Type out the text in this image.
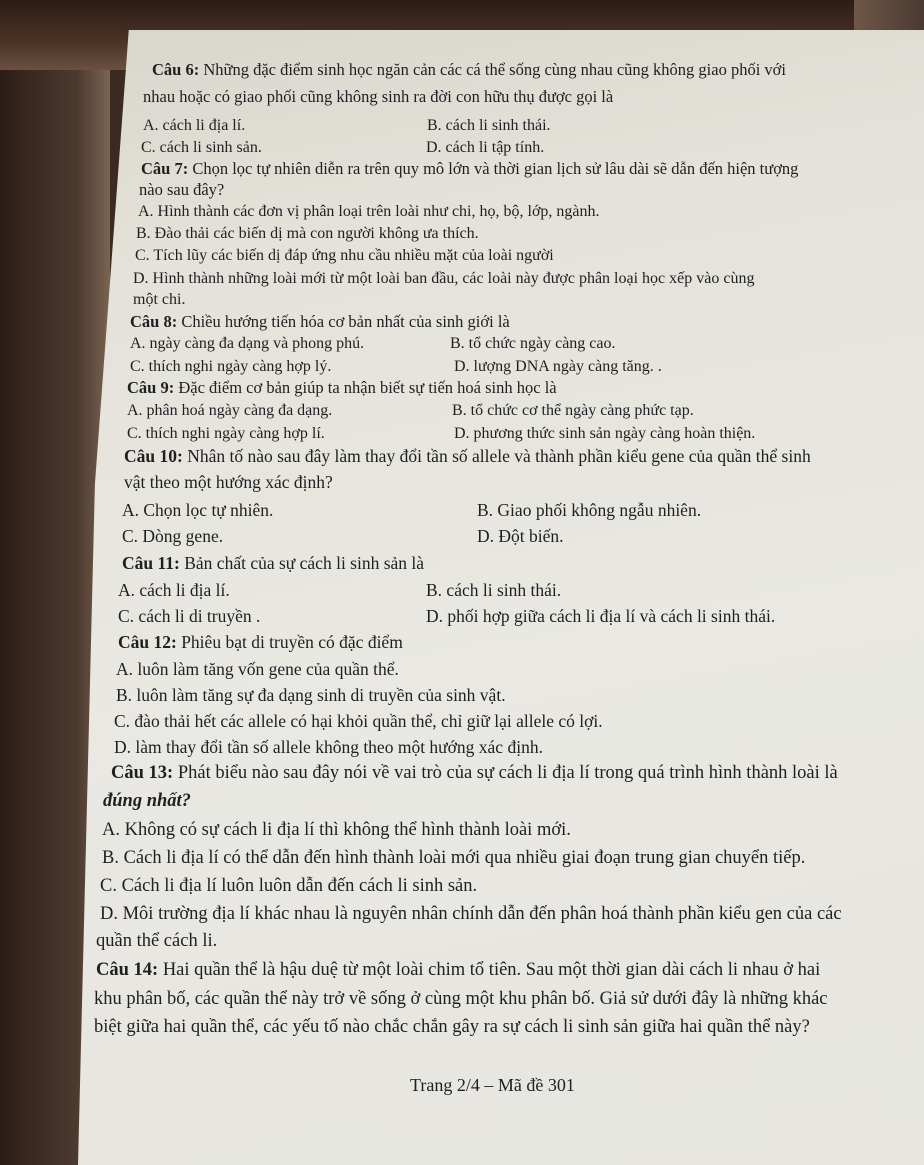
Câu 6: Những đặc điểm sinh học ngăn cản các cá thể sống cùng nhau cũng không giao phối với
nhau hoặc có giao phối cũng không sinh ra đời con hữu thụ được gọi là
A. cách li địa lí.	B. cách li sinh thái.
C. cách li sinh sản.	D. cách li tập tính.
Câu 7: Chọn lọc tự nhiên diễn ra trên quy mô lớn và thời gian lịch sử lâu dài sẽ dẫn đến hiện tượng
nào sau đây?
A. Hình thành các đơn vị phân loại trên loài như chi, họ, bộ, lớp, ngành.
B. Đào thải các biến dị mà con người không ưa thích.
C. Tích lũy các biến dị đáp ứng nhu cầu nhiều mặt của loài người
D. Hình thành những loài mới từ một loài ban đầu, các loài này được phân loại học xếp vào cùng
một chi.
Câu 8: Chiều hướng tiến hóa cơ bản nhất của sinh giới là
A. ngày càng đa dạng và phong phú.	B. tổ chức ngày càng cao.
C. thích nghi ngày càng hợp lý.	D. lượng DNA ngày càng tăng. .
Câu 9: Đặc điểm cơ bản giúp ta nhận biết sự tiến hoá sinh học là
A. phân hoá ngày càng đa dạng.	B. tổ chức cơ thể ngày càng phức tạp.
C. thích nghi ngày càng hợp lí.	D. phương thức sinh sản ngày càng hoàn thiện.
Câu 10: Nhân tố nào sau đây làm thay đổi tần số allele và thành phần kiểu gene của quần thể sinh
vật theo một hướng xác định?
A. Chọn lọc tự nhiên.	B. Giao phối không ngẫu nhiên.
C. Dòng gene.	D. Đột biến.
Câu 11: Bản chất của sự cách li sinh sản là
A. cách li địa lí.	B. cách li sinh thái.
C. cách li di truyền .	D. phối hợp giữa cách li địa lí và cách li sinh thái.
Câu 12: Phiêu bạt di truyền có đặc điểm
A. luôn làm tăng vốn gene của quần thể.
B. luôn làm tăng sự đa dạng sinh di truyền của sinh vật.
C. đào thải hết các allele có hại khỏi quần thể, chỉ giữ lại allele có lợi.
D. làm thay đổi tần số allele không theo một hướng xác định.
Câu 13: Phát biểu nào sau đây nói về vai trò của sự cách li địa lí trong quá trình hình thành loài là
đúng nhất?
A. Không có sự cách li địa lí thì không thể hình thành loài mới.
B. Cách li địa lí có thể dẫn đến hình thành loài mới qua nhiều giai đoạn trung gian chuyển tiếp.
C. Cách li địa lí luôn luôn dẫn đến cách li sinh sản.
D. Môi trường địa lí khác nhau là nguyên nhân chính dẫn đến phân hoá thành phần kiểu gen của các
quần thể cách li.
Câu 14: Hai quần thể là hậu duệ từ một loài chim tổ tiên. Sau một thời gian dài cách li nhau ở hai
khu phân bố, các quần thể này trở về sống ở cùng một khu phân bố. Giả sử dưới đây là những khác
biệt giữa hai quần thể, các yếu tố nào chắc chắn gây ra sự cách li sinh sản giữa hai quần thể này?
Trang 2/4 – Mã đề 301
